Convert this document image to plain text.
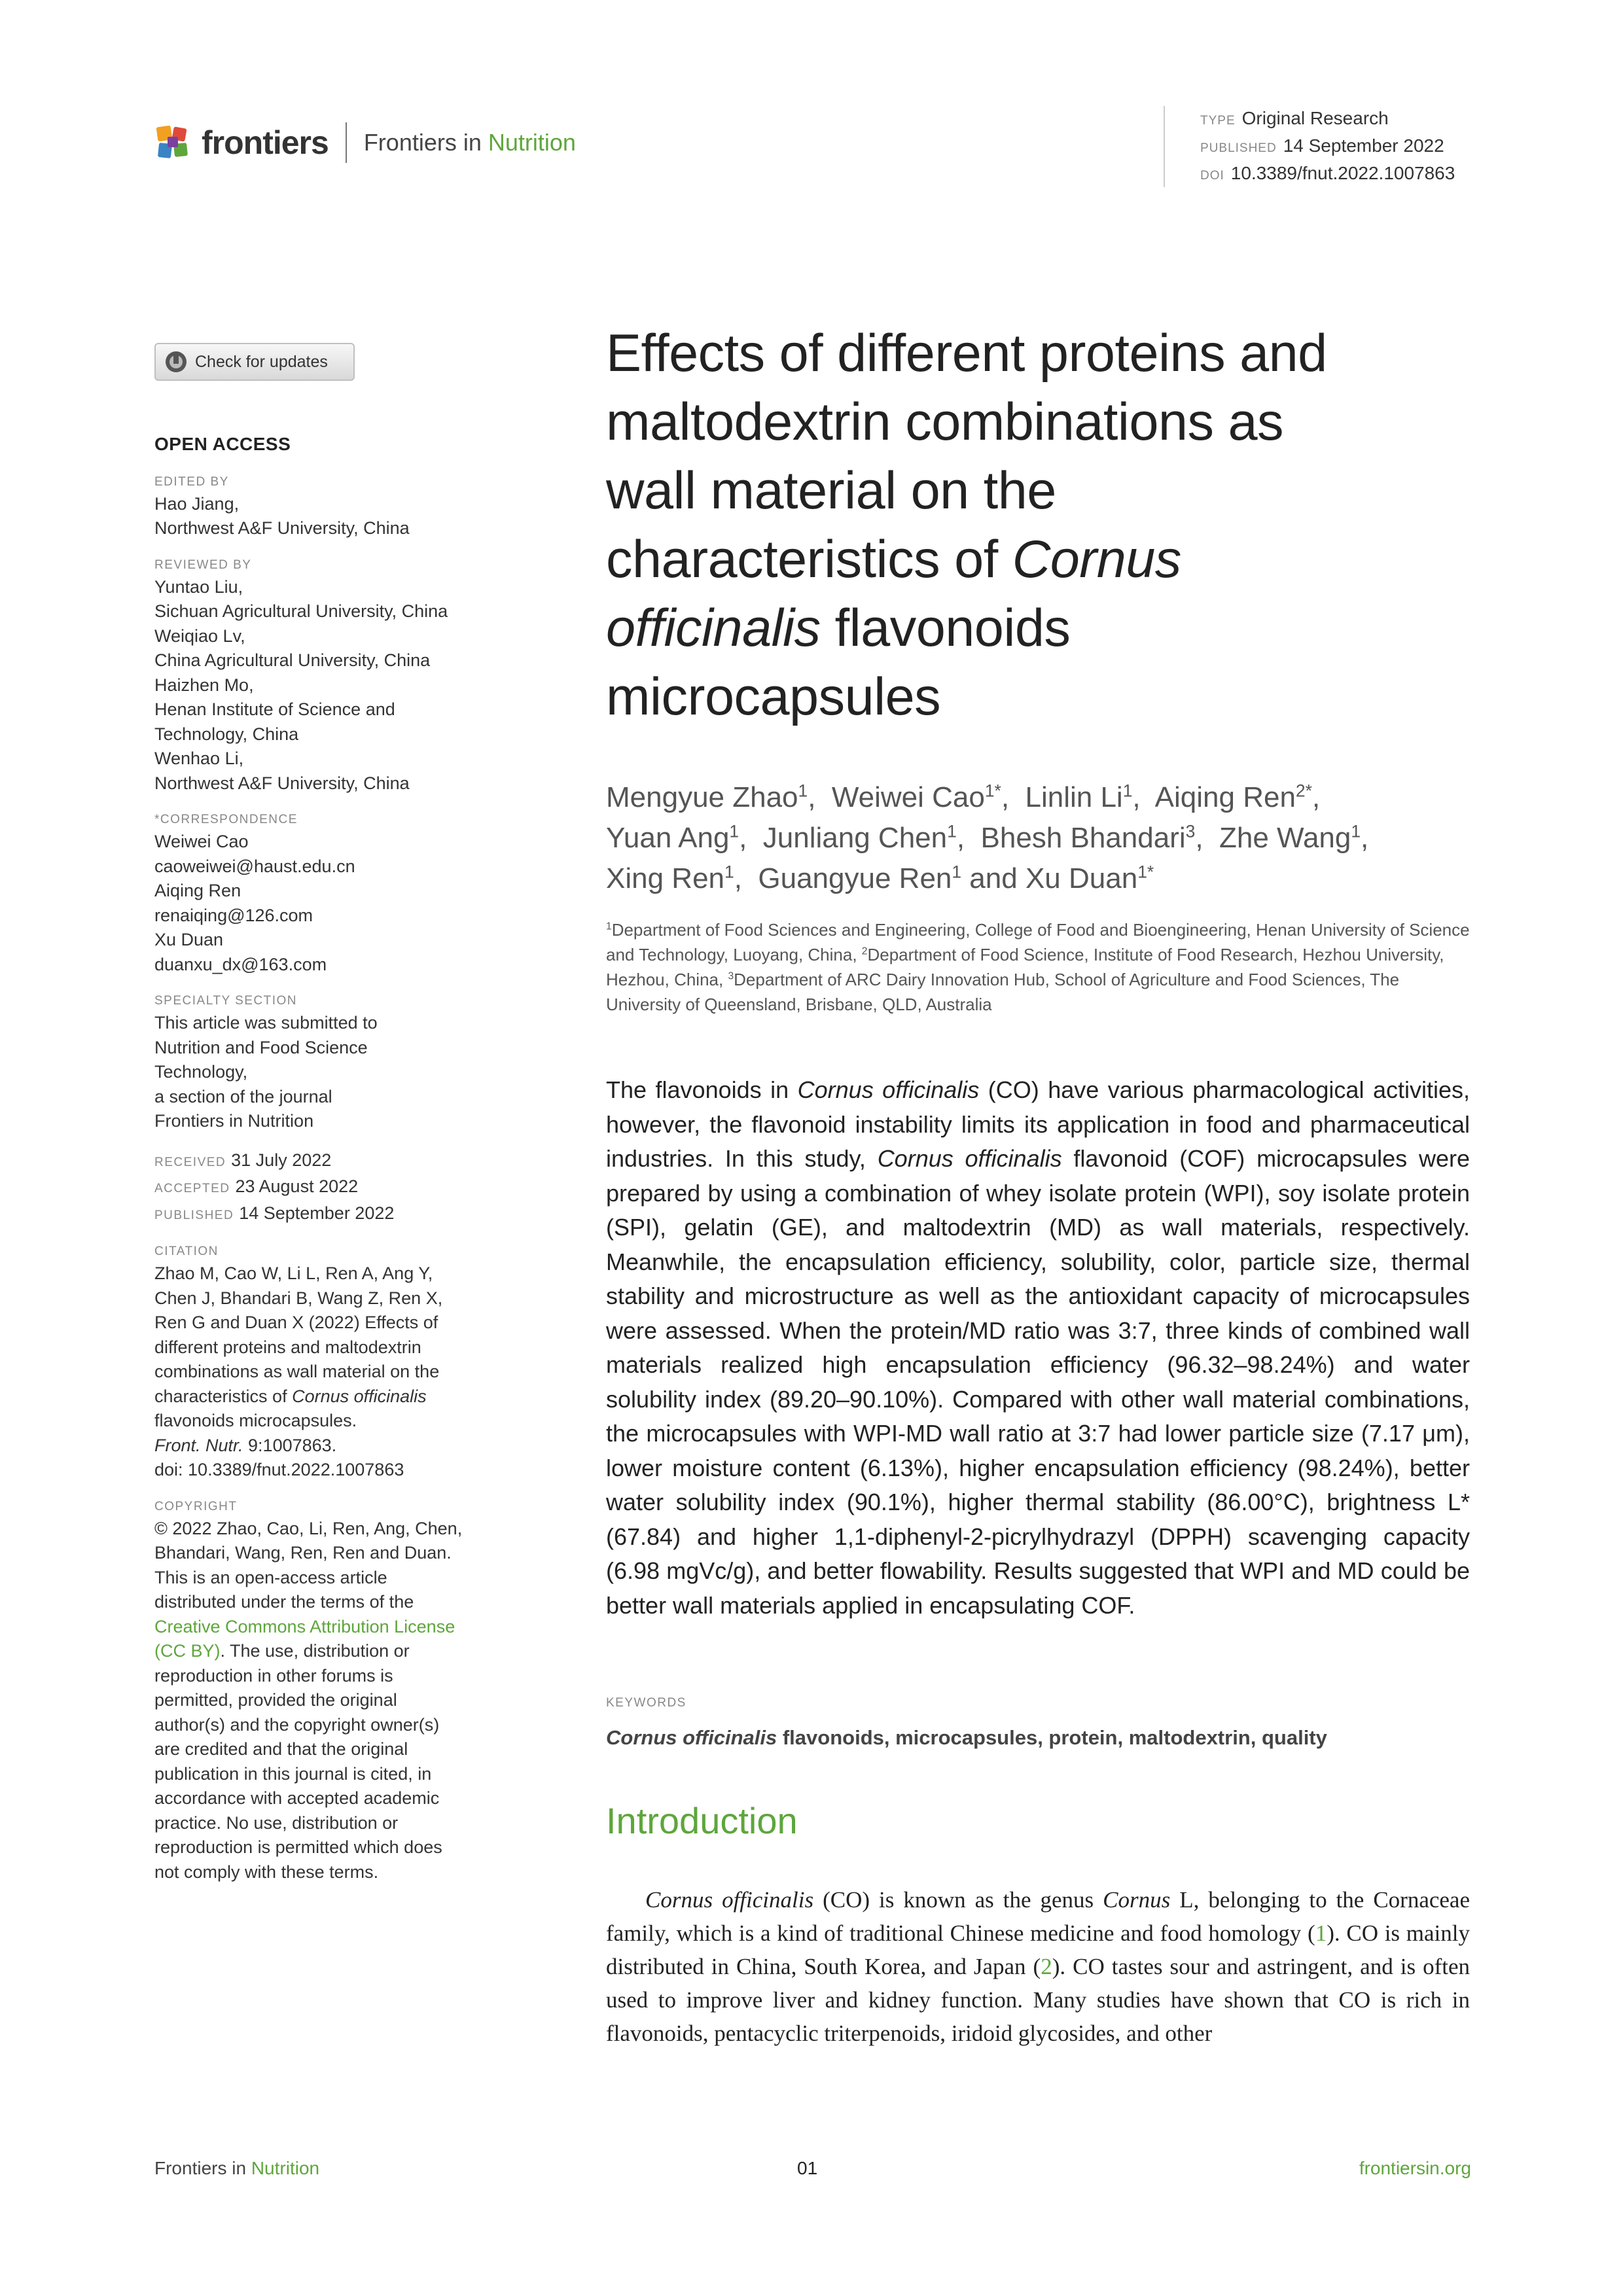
frontiers Frontiers in Nutrition
TYPE Original Research
PUBLISHED 14 September 2022
DOI 10.3389/fnut.2022.1007863
Check for updates
OPEN ACCESS
EDITED BY
Hao Jiang,
Northwest A&F University, China
REVIEWED BY
Yuntao Liu,
Sichuan Agricultural University, China
Weiqiao Lv,
China Agricultural University, China
Haizhen Mo,
Henan Institute of Science and
Technology, China
Wenhao Li,
Northwest A&F University, China
*CORRESPONDENCE
Weiwei Cao
caoweiwei@haust.edu.cn
Aiqing Ren
renaiqing@126.com
Xu Duan
duanxu_dx@163.com
SPECIALTY SECTION
This article was submitted to
Nutrition and Food Science
Technology,
a section of the journal
Frontiers in Nutrition
RECEIVED 31 July 2022
ACCEPTED 23 August 2022
PUBLISHED 14 September 2022
CITATION
Zhao M, Cao W, Li L, Ren A, Ang Y,
Chen J, Bhandari B, Wang Z, Ren X,
Ren G and Duan X (2022) Effects of
different proteins and maltodextrin
combinations as wall material on the
characteristics of Cornus officinalis
flavonoids microcapsules.
Front. Nutr. 9:1007863.
doi: 10.3389/fnut.2022.1007863
COPYRIGHT
© 2022 Zhao, Cao, Li, Ren, Ang, Chen,
Bhandari, Wang, Ren, Ren and Duan.
This is an open-access article
distributed under the terms of the
Creative Commons Attribution License
(CC BY). The use, distribution or
reproduction in other forums is
permitted, provided the original
author(s) and the copyright owner(s)
are credited and that the original
publication in this journal is cited, in
accordance with accepted academic
practice. No use, distribution or
reproduction is permitted which does
not comply with these terms.
Effects of different proteins and
maltodextrin combinations as
wall material on the
characteristics of Cornus
officinalis flavonoids
microcapsules
Mengyue Zhao$^1$,  Weiwei Cao$^{1*}$,  Linlin Li$^1$,  Aiqing Ren$^{2*}$,
Yuan Ang$^1$,  Junliang Chen$^1$,  Bhesh Bhandari$^3$,  Zhe Wang$^1$,
Xing Ren$^1$,  Guangyue Ren$^1$ and Xu Duan$^{1*}$
$^1$Department of Food Sciences and Engineering, College of Food and Bioengineering, Henan University of Science and Technology, Luoyang, China, $^2$Department of Food Science, Institute of Food Research, Hezhou University, Hezhou, China, $^3$Department of ARC Dairy Innovation Hub, School of Agriculture and Food Sciences, The University of Queensland, Brisbane, QLD, Australia
The flavonoids in Cornus officinalis (CO) have various pharmacological activities, however, the flavonoid instability limits its application in food and pharmaceutical industries. In this study, Cornus officinalis flavonoid (COF) microcapsules were prepared by using a combination of whey isolate protein (WPI), soy isolate protein (SPI), gelatin (GE), and maltodextrin (MD) as wall materials, respectively. Meanwhile, the encapsulation efficiency, solubility, color, particle size, thermal stability and microstructure as well as the antioxidant capacity of microcapsules were assessed. When the protein/MD ratio was 3:7, three kinds of combined wall materials realized high encapsulation efficiency (96.32–98.24%) and water solubility index (89.20–90.10%). Compared with other wall material combinations, the microcapsules with WPI-MD wall ratio at 3:7 had lower particle size (7.17 μm), lower moisture content (6.13%), higher encapsulation efficiency (98.24%), better water solubility index (90.1%), higher thermal stability (86.00°C), brightness L* (67.84) and higher 1,1-diphenyl-2-picrylhydrazyl (DPPH) scavenging capacity (6.98 mgVc/g), and better flowability. Results suggested that WPI and MD could be better wall materials applied in encapsulating COF.
KEYWORDS
Cornus officinalis flavonoids, microcapsules, protein, maltodextrin, quality
Introduction
Cornus officinalis (CO) is known as the genus Cornus L, belonging to the Cornaceae family, which is a kind of traditional Chinese medicine and food homology (1). CO is mainly distributed in China, South Korea, and Japan (2). CO tastes sour and astringent, and is often used to improve liver and kidney function. Many studies have shown that CO is rich in flavonoids, pentacyclic triterpenoids, iridoid glycosides, and other
Frontiers in Nutrition	01	frontiersin.org
